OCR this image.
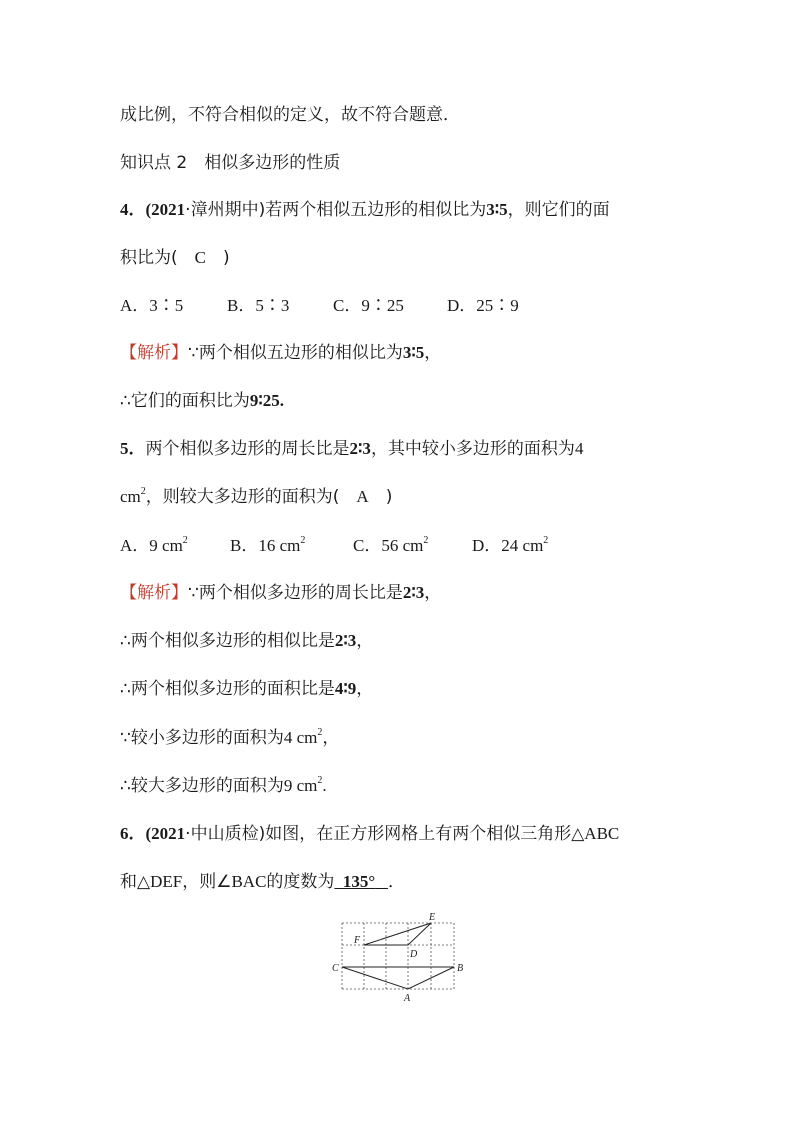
成比例，不符合相似的定义，故不符合题意．
知识点 2　相似多边形的性质
4．(2021·漳州期中)若两个相似五边形的相似比为3∶5，则它们的面
积比为(　C　)
A．3∶5	B．5∶3	C．9∶25	D．25∶9
【解析】∵两个相似五边形的相似比为3∶5，
∴它们的面积比为9∶25.
5．两个相似多边形的周长比是2∶3，其中较小多边形的面积为4
$cm^2$，则较大多边形的面积为(　A　)
A．9 $cm^2$ B．16 $cm^2$	C．56 $cm^2$	D．24 $cm^2$
【解析】∵两个相似多边形的周长比是2∶3，
∴两个相似多边形的相似比是2∶3，
∴两个相似多边形的面积比是4∶9，
∵较小多边形的面积为4 $cm^2$，
∴较大多边形的面积为9 $cm^2$.
6．(2021·中山质检)如图，在正方形网格上有两个相似三角形△ABC
和△DEF，则∠BAC的度数为 135° ．
E
F
D
C	B
A
